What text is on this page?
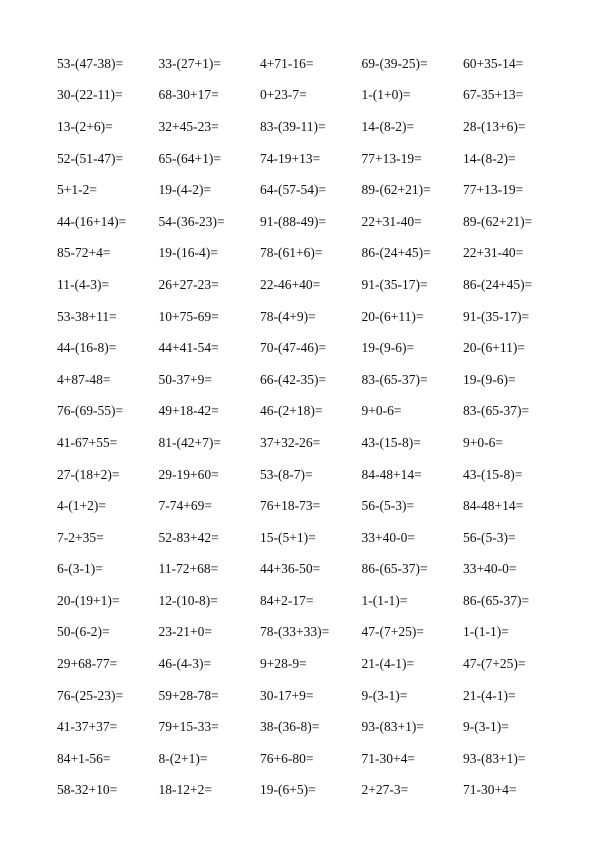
53-(47-38)=	33-(27+1)=	4+71-16=	69-(39-25)=	60+35-14=
30-(22-11)=	68-30+17=	0+23-7=	1-(1+0)=	67-35+13=
13-(2+6)=	32+45-23=	83-(39-11)=	14-(8-2)=	28-(13+6)=
52-(51-47)=	65-(64+1)=	74-19+13=	77+13-19=	14-(8-2)=
5+1-2=	19-(4-2)=	64-(57-54)=	89-(62+21)=	77+13-19=
44-(16+14)=	54-(36-23)=	91-(88-49)=	22+31-40=	89-(62+21)=
85-72+4=	19-(16-4)=	78-(61+6)=	86-(24+45)=	22+31-40=
11-(4-3)=	26+27-23=	22-46+40=	91-(35-17)=	86-(24+45)=
53-38+11=	10+75-69=	78-(4+9)=	20-(6+11)=	91-(35-17)=
44-(16-8)=	44+41-54=	70-(47-46)=	19-(9-6)=	20-(6+11)=
4+87-48=	50-37+9=	66-(42-35)=	83-(65-37)=	19-(9-6)=
76-(69-55)=	49+18-42=	46-(2+18)=	9+0-6=	83-(65-37)=
41-67+55=	81-(42+7)=	37+32-26=	43-(15-8)=	9+0-6=
27-(18+2)=	29-19+60=	53-(8-7)=	84-48+14=	43-(15-8)=
4-(1+2)=	7-74+69=	76+18-73=	56-(5-3)=	84-48+14=
7-2+35=	52-83+42=	15-(5+1)=	33+40-0=	56-(5-3)=
6-(3-1)=	11-72+68=	44+36-50=	86-(65-37)=	33+40-0=
20-(19+1)=	12-(10-8)=	84+2-17=	1-(1-1)=	86-(65-37)=
50-(6-2)=	23-21+0=	78-(33+33)=	47-(7+25)=	1-(1-1)=
29+68-77=	46-(4-3)=	9+28-9=	21-(4-1)=	47-(7+25)=
76-(25-23)=	59+28-78=	30-17+9=	9-(3-1)=	21-(4-1)=
41-37+37=	79+15-33=	38-(36-8)=	93-(83+1)=	9-(3-1)=
84+1-56=	8-(2+1)=	76+6-80=	71-30+4=	93-(83+1)=
58-32+10=	18-12+2=	19-(6+5)=	2+27-3=	71-30+4=
